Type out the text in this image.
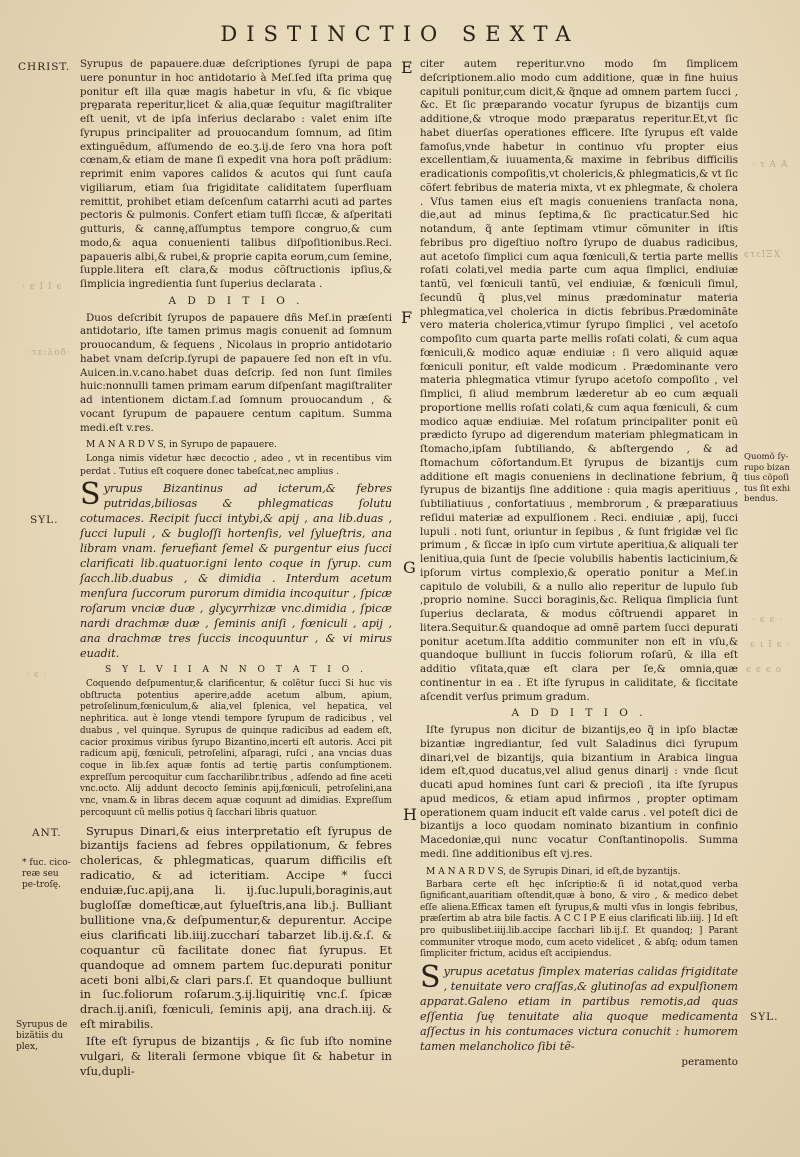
DISTINCTIO SEXTA
E
F
G
H
CHRIST.
SYL.
ANT.
* fuc. cico-reæ seu pe-troſę.
Syrupus de bizãtiis du plex,
Quomõ ſy-rupo bizan tius cõpoſi tus ſit exhi bendus.
SYL.
· τ Α Α
ϵτεΙΞΧ
· ϵ Ι Ι ϵ
·τε:λοδ·
· ϵ ·
· ϵ ϵ ·
ϵ ι Ι ϵ ·
ϵ ϵ ϵ ο

Syrupus de papauere.duæ deſcriptiones ſyrupi de papa uere ponuntur in hoc antidotario à Meſ.ſed iſta prima quę ponitur eſt illa quæ magis habetur in vſu, & ſic vbique pręparata reperitur,licet & alia,quæ ſequitur magiſtraliter eſt uenit, vt de ipſa inferius declarabo : valet enim iſte ſyrupus principaliter ad prouocandum ſomnum, ad ſitim extinguẽdum, aſſumendo de eo.ʒ.ij.de ſero vna hora poſt cœnam,& etiam de mane ſi expedit vna hora poſt prãdium: reprimit enim vapores calidos & acutos qui ſunt cauſa vigiliarum, etiam ſua frigiditate caliditatem ſuperfluam remittit, prohibet etiam deſcenſum catarrhi acuti ad partes pectoris & pulmonis. Confert etiam tuſſi ſiccæ, & aſperitati gutturis, & cannę,aſſumptus tempore congruo,& cum modo,& aqua conuenienti talibus diſpoſitionibus.Reci. papaueris albi,& rubei,& proprie capita eorum,cum ſemine, ſupple.litera eſt clara,& modus cõſtructionis ipſius,& ſimplicia ingredientia ſunt ſuperius declarata .

A D D I T I O .

Duos deſcribit ſyrupos de papauere dñs Meſ.in præſenti antidotario, iſte tamen primus magis conuenit ad ſomnum prouocandum, & ſequens , Nicolaus in proprio antidotario habet vnam deſcrip.ſyrupi de papauere ſed non eſt in vſu. Auicen.in.v.cano.habet duas deſcrip. ſed non ſunt ſimiles huic:nonnulli tamen primam earum diſpenſant magiſtraliter ad intentionem dictam.ſ.ad ſomnum prouocandum , & vocant ſyrupum de papauere centum capitum. Summa medi.eſt v.res.

M A N A R D V S, in Syrupo de papauere.

Longa nimis videtur hæc decoctio , adeo , vt in recentibus vim perdat . Tutius eſt coquere donec tabeſcat,nec amplius .

Syrupus Bizantinus ad icterum,& febres putridas,biliosas & phlegmaticas ſolutu cotumaces. Recipit ſucci intybi,& apij , ana lib.duas , ſucci lupuli , & bugloſſi hortenſis, vel ſylueſtris, ana libram vnam. feruefiant ſemel & purgentur eius ſucci clarificati lib.quatuor.igni lento coque in ſyrup. cum ſacch.lib.duabus , & dimidia . Interdum acetum menſura ſuccorum purorum dimidia incoquitur , ſpicæ roſarum vnciæ duæ , glycyrrhizæ vnc.dimidia , ſpicæ nardi drachmæ duæ , ſeminis aniſi , fœniculi , apij , ana drachmæ tres ſuccis incoquuntur , & vi mirus euadit.

S Y L V I I A N N O T A T I O .

Coquendo deſpumentur,& clarificentur, & colẽtur ſucci Si huc vis obſtructa potentius aperire,adde acetum album, apium, petroſelinum,fœniculum,& alia,vel ſplenica, vel hepatica, vel nephritica. aut è longe vtendi tempore ſyrupum de radicibus , vel duabus , vel quinque. Syrupus de quinque radicibus ad eadem eſt, cacior proximus viribus ſyrupo Bizantino,incerti eſt autoris. Acci pit radicum apij, fœniculi, petroſelini, aſparagi, ruſci , ana vncias duas coque in lib.ſex aquæ fontis ad tertię partis conſumptionem. expreſſum percoquitur cum ſaccharilibr.tribus , adſendo ad fine aceti vnc.octo. Alij addunt decocto ſeminis apij,fœniculi, petroſelini,ana vnc, vnam.& in libras decem aquæ coquunt ad dimidias. Expreſſum percoquunt cũ mellis potius q̃ ſacchari libris quatuor.

Syrupus Dinari,& eius interpretatio eſt ſyrupus de bizantijs faciens ad febres oppilationum, & febres cholericas, & phlegmaticas, quarum difficilis eſt radicatio, & ad icteritiam. Accipe * ſucci enduiæ,ſuc.apij,ana li. ij.ſuc.lupuli,boraginis,aut bugloſſæ domeſticæ,aut ſylueſtris,ana lib.j. Bulliant bullitione vna,& deſpumentur,& depurentur. Accipe eius clarificati lib.iiij.zuccharí tabarzet lib.ij.&.ſ. & coquantur cũ facilitate donec fiat ſyrupus. Et quandoque ad omnem partem ſuc.depurati ponitur aceti boni albi,& clari pars.ſ. Et quandoque bulliunt in ſuc.foliorum roſarum.ʒ.ij.liquiritię vnc.ſ. ſpicæ drach.ij.aniſi, fœniculi, ſeminis apij, ana drach.iij. & eſt mirabilis.

Iſte eſt ſyrupus de bizantijs , & ſic ſub iſto nomine vulgari, & literali ſermone vbique ſit & habetur in vſu,dupli-

citer autem reperitur.vno modo ſm ſimplicem deſcriptionem.alio modo cum additione, quæ in fine huius capituli ponitur,cum dicit,& q̃nque ad omnem partem ſucci , &c. Et ſic præparando vocatur ſyrupus de bizantijs cum additione,& vtroque modo præparatus reperitur.Et,vt ſic habet diuerſas operationes efficere. Iſte ſyrupus eſt valde famoſus,vnde habetur in continuo vſu propter eius excellentiam,& iuuamenta,& maxime in febribus difficilis eradicationis compoſitis,vt cholericis,& phlegmaticis,& vt ſic cõfert febribus de materia mixta, vt ex phlegmate, & cholera . Vſus tamen eius eſt magis conueniens tranſacta nona, die,aut ad minus ſeptima,& ſic practicatur.Sed hic notandum, q̃ ante ſeptimam vtimur cõmuniter in iſtis febribus pro digeſtiuo noſtro ſyrupo de duabus radicibus, aut acetoſo ſimplici cum aqua fœniculi,& tertia parte mellis roſati colati,vel media parte cum aqua ſimplici, endiuiæ tantũ, vel fœniculi tantũ, vel endiuiæ, & fœniculi ſimul, ſecundũ q̃ plus,vel minus prædominatur materia phlegmatica,vel cholerica in dictis febribus.Prædominãte vero materia cholerica,vtimur ſyrupo ſimplici , vel acetoſo compoſito cum quarta parte mellis roſati colati, & cum aqua fœniculi,& modico aquæ endiuiæ : ſi vero aliquid aquæ fœniculi ponitur, eſt valde modicum . Prædominante vero materia phlegmatica vtimur ſyrupo acetoſo compoſito , vel ſimplici, ſi aliud membrum læderetur ab eo cum æquali proportione mellis roſati colati,& cum aqua fœniculi, & cum modico aquæ endiuiæ. Mel roſatum principaliter ponit eũ prædicto ſyrupo ad digerendum materiam phlegmaticam in ſtomacho,ipſam ſubtiliando, & abſtergendo , & ad ſtomachum cõfortandum.Et ſyrupus de bizantijs cum additione eſt magis conueniens in declinatione febrium, q̃ ſyrupus de bizantijs ſine additione : quia magis aperitiuus , ſubtiliatiuus , confortatiuus , membrorum , & præparatiuus reſidui materiæ ad expulſionem . Reci. endiuiæ , apij, ſucci lupuli . noti ſunt, oriuntur in ſepibus , & ſunt frigidæ vel ſic primum , & ſiccæ in ipſo cum virtute aperitiua,& aliquali ter lenitiua,quia ſunt de ſpecie volubilis habentis lacticinium,& ipſorum virtus complexio,& operatio ponitur a Meſ.in capitulo de volubili, & a nullo alio reperitur de lupulo ſub ,proprio nomine. Succi boraginis,&c. Reliqua ſimplicia ſunt ſuperius declarata, & modus cõſtruendi apparet in litera.Sequitur.& quandoque ad omnẽ partem ſucci depurati ponitur acetum.Iſta additio communiter non eſt in vſu,& quandoque bulliunt in ſuccis foliorum roſarũ, & illa eſt additio vſitata,quæ eſt clara per ſe,& omnia,quæ continentur in ea . Et iſte ſyrupus in caliditate, & ſiccitate aſcendit verſus primum gradum.

A D D I T I O .

Iſte ſyrupus non dicitur de bizantijs,eo q̃ in ipſo blactæ bizantiæ ingrediantur, ſed vult Saladinus dici ſyrupum dinari,vel de bizantijs, quia bizantium in Arabica lingua idem eſt,quod ducatus,vel aliud genus dinarij : vnde ſicut ducati apud homines ſunt cari & precioſi , ita iſte ſyrupus apud medicos, & etiam apud infirmos , propter optimam operationem quam inducit eſt valde carus . vel poteſt dici de bizantijs a loco quodam nominato bizantium in confinio Macedoniæ,qui nunc vocatur Conſtantinopolis. Summa medi. ſine additionibus eſt vj.res.

M A N A R D V S, de Syrupis Dinari, id eſt,de byzantijs.

Barbara certe eſt hęc inſcriptio:& ſi id notat,quod verba ſignificant,auaritiam oſtendit,quæ à bono, & viro , & medico debet eſſe aliena.Efficax tamen eſt ſyrupus,& multi vſus in longis febribus, præſertim ab atra bile factis. A C C I P E eius clarificati lib.iiij. ] Id eſt pro quibuslibet.iiij.lib.accipe ſacchari lib.ij.ſ. Et quandoq; ] Parant communiter vtroque modo, cum aceto videlicet , & abſq; odum tamen ſimpliciter frictum, acidus eſt accipiendus.

Syrupus acetatus ſimplex materias calidas frigiditate , tenuitate vero craſſas,& glutinoſas ad expulſionem apparat.Galeno etiam in partibus remotis,ad quas eſſentia ſuę tenuitate alia quoque medicamenta aſſectus in his contumaces victura conuchit : humorem tamen melancholico ſibi tẽ-

peramento
